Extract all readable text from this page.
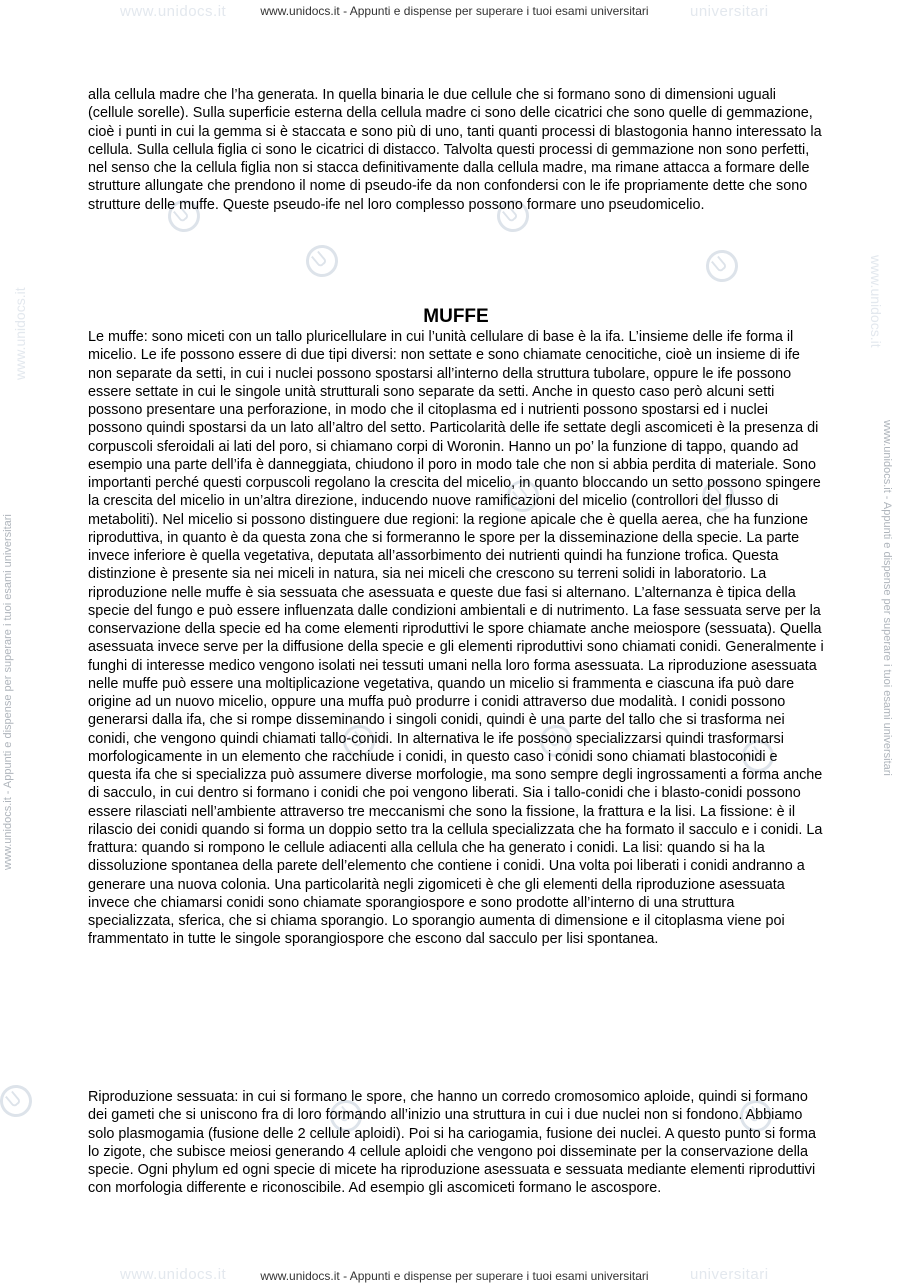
www.unidocs.it	universitari
www.unidocs.it	universitari
www.unidocs.it	www.unidocs.it
www.unidocs.it - Appunti e dispense per superare i tuoi esami universitari
www.unidocs.it - Appunti e dispense per superare i tuoi esami universitari
www.unidocs.it - Appunti e dispense per superare i tuoi esami universitari	www.unidocs.it - Appunti e dispense per superare i tuoi esami universitari

alla cellula madre che l’ha generata. In quella binaria le due cellule che si formano sono di dimensioni uguali (cellule sorelle). Sulla superficie esterna della cellula madre ci sono delle cicatrici che sono quelle di gemmazione, cioè i punti in cui la gemma si è staccata e sono più di uno, tanti quanti processi di blastogonia hanno interessato la cellula. Sulla cellula figlia ci sono le cicatrici di distacco. Talvolta questi processi di gemmazione non sono perfetti, nel senso che la cellula figlia non si stacca definitivamente dalla cellula madre, ma rimane attacca a formare delle strutture allungate che prendono il nome di pseudo-ife da non confondersi con le ife propriamente dette che sono strutture delle muffe. Queste pseudo-ife nel loro complesso possono formare uno pseudomicelio.

MUFFE

Le muffe: sono miceti con un tallo pluricellulare in cui l’unità cellulare di base è la ifa. L’insieme delle ife forma il micelio. Le ife possono essere di due tipi diversi: non settate e sono chiamate cenocitiche, cioè un insieme di ife non separate da setti, in cui i nuclei possono spostarsi all’interno della struttura tubolare, oppure le ife possono essere settate in cui le singole unità strutturali sono separate da setti. Anche in questo caso però alcuni setti possono presentare una perforazione, in modo che il citoplasma ed i nutrienti possono spostarsi ed i nuclei possono quindi spostarsi da un lato all’altro del setto. Particolarità delle ife settate degli ascomiceti è la presenza di corpuscoli sferoidali ai lati del poro, si chiamano corpi di Woronin. Hanno un po’ la funzione di tappo, quando ad esempio una parte dell’ifa è danneggiata, chiudono il poro in modo tale che non si abbia perdita di materiale. Sono importanti perché questi corpuscoli regolano la crescita del micelio, in quanto bloccando un setto possono spingere la crescita del micelio in un’altra direzione, inducendo nuove ramificazioni del micelio (controllori del flusso di metaboliti). Nel micelio si possono distinguere due regioni: la regione apicale che è quella aerea, che ha funzione riproduttiva, in quanto è da questa zona che si formeranno le spore per la disseminazione della specie. La parte invece inferiore è quella vegetativa, deputata all’assorbimento dei nutrienti quindi ha funzione trofica. Questa distinzione è presente sia nei miceli in natura, sia nei miceli che crescono su terreni solidi in laboratorio. La riproduzione nelle muffe è sia sessuata che asessuata e queste due fasi si alternano. L’alternanza è tipica della specie del fungo e può essere influenzata dalle condizioni ambientali e di nutrimento. La fase sessuata serve per la conservazione della specie ed ha come elementi riproduttivi le spore chiamate anche meiospore (sessuata). Quella asessuata invece serve per la diffusione della specie e gli elementi riproduttivi sono chiamati conidi. Generalmente i funghi di interesse medico vengono isolati nei tessuti umani nella loro forma asessuata. La riproduzione asessuata nelle muffe può essere una moltiplicazione vegetativa, quando un micelio si frammenta e ciascuna ifa può dare origine ad un nuovo micelio, oppure una muffa può produrre i conidi attraverso due modalità. I conidi possono generarsi dalla ifa, che si rompe disseminando i singoli conidi, quindi è una parte del tallo che si trasforma nei conidi, che vengono quindi chiamati tallo-conidi. In alternativa le ife possono specializzarsi quindi trasformarsi morfologicamente in un elemento che racchiude i conidi, in questo caso i conidi sono chiamati blastoconidi e questa ifa che si specializza può assumere diverse morfologie, ma sono sempre degli ingrossamenti a forma anche di sacculo, in cui dentro si formano i conidi che poi vengono liberati. Sia i tallo-conidi che i blasto-conidi possono essere rilasciati nell’ambiente attraverso tre meccanismi che sono la fissione, la frattura e la lisi. La fissione: è il rilascio dei conidi quando si forma un doppio setto tra la cellula specializzata che ha formato il sacculo e i conidi. La frattura: quando si rompono le cellule adiacenti alla cellula che ha generato i conidi. La lisi: quando si ha la dissoluzione spontanea della parete dell’elemento che contiene i conidi. Una volta poi liberati i conidi andranno a generare una nuova colonia. Una particolarità negli zigomiceti è che gli elementi della riproduzione asessuata invece che chiamarsi conidi sono chiamate sporangiospore e sono prodotte all’interno di una struttura specializzata, sferica, che si chiama sporangio. Lo sporangio aumenta di dimensione e il citoplasma viene poi frammentato in tutte le singole sporangiospore che escono dal sacculo per lisi spontanea.

Riproduzione sessuata: in cui si formano le spore, che hanno un corredo cromosomico aploide, quindi si formano dei gameti che si uniscono fra di loro formando all’inizio una struttura in cui i due nuclei non si fondono. Abbiamo solo plasmogamia (fusione delle 2 cellule aploidi). Poi si ha cariogamia, fusione dei nuclei. A questo punto si forma lo zigote, che subisce meiosi generando 4 cellule aploidi che vengono poi disseminate per la conservazione della specie. Ogni phylum ed ogni specie di micete ha riproduzione asessuata e sessuata mediante elementi riproduttivi con morfologia differente e riconoscibile. Ad esempio gli ascomiceti formano le ascospore.
